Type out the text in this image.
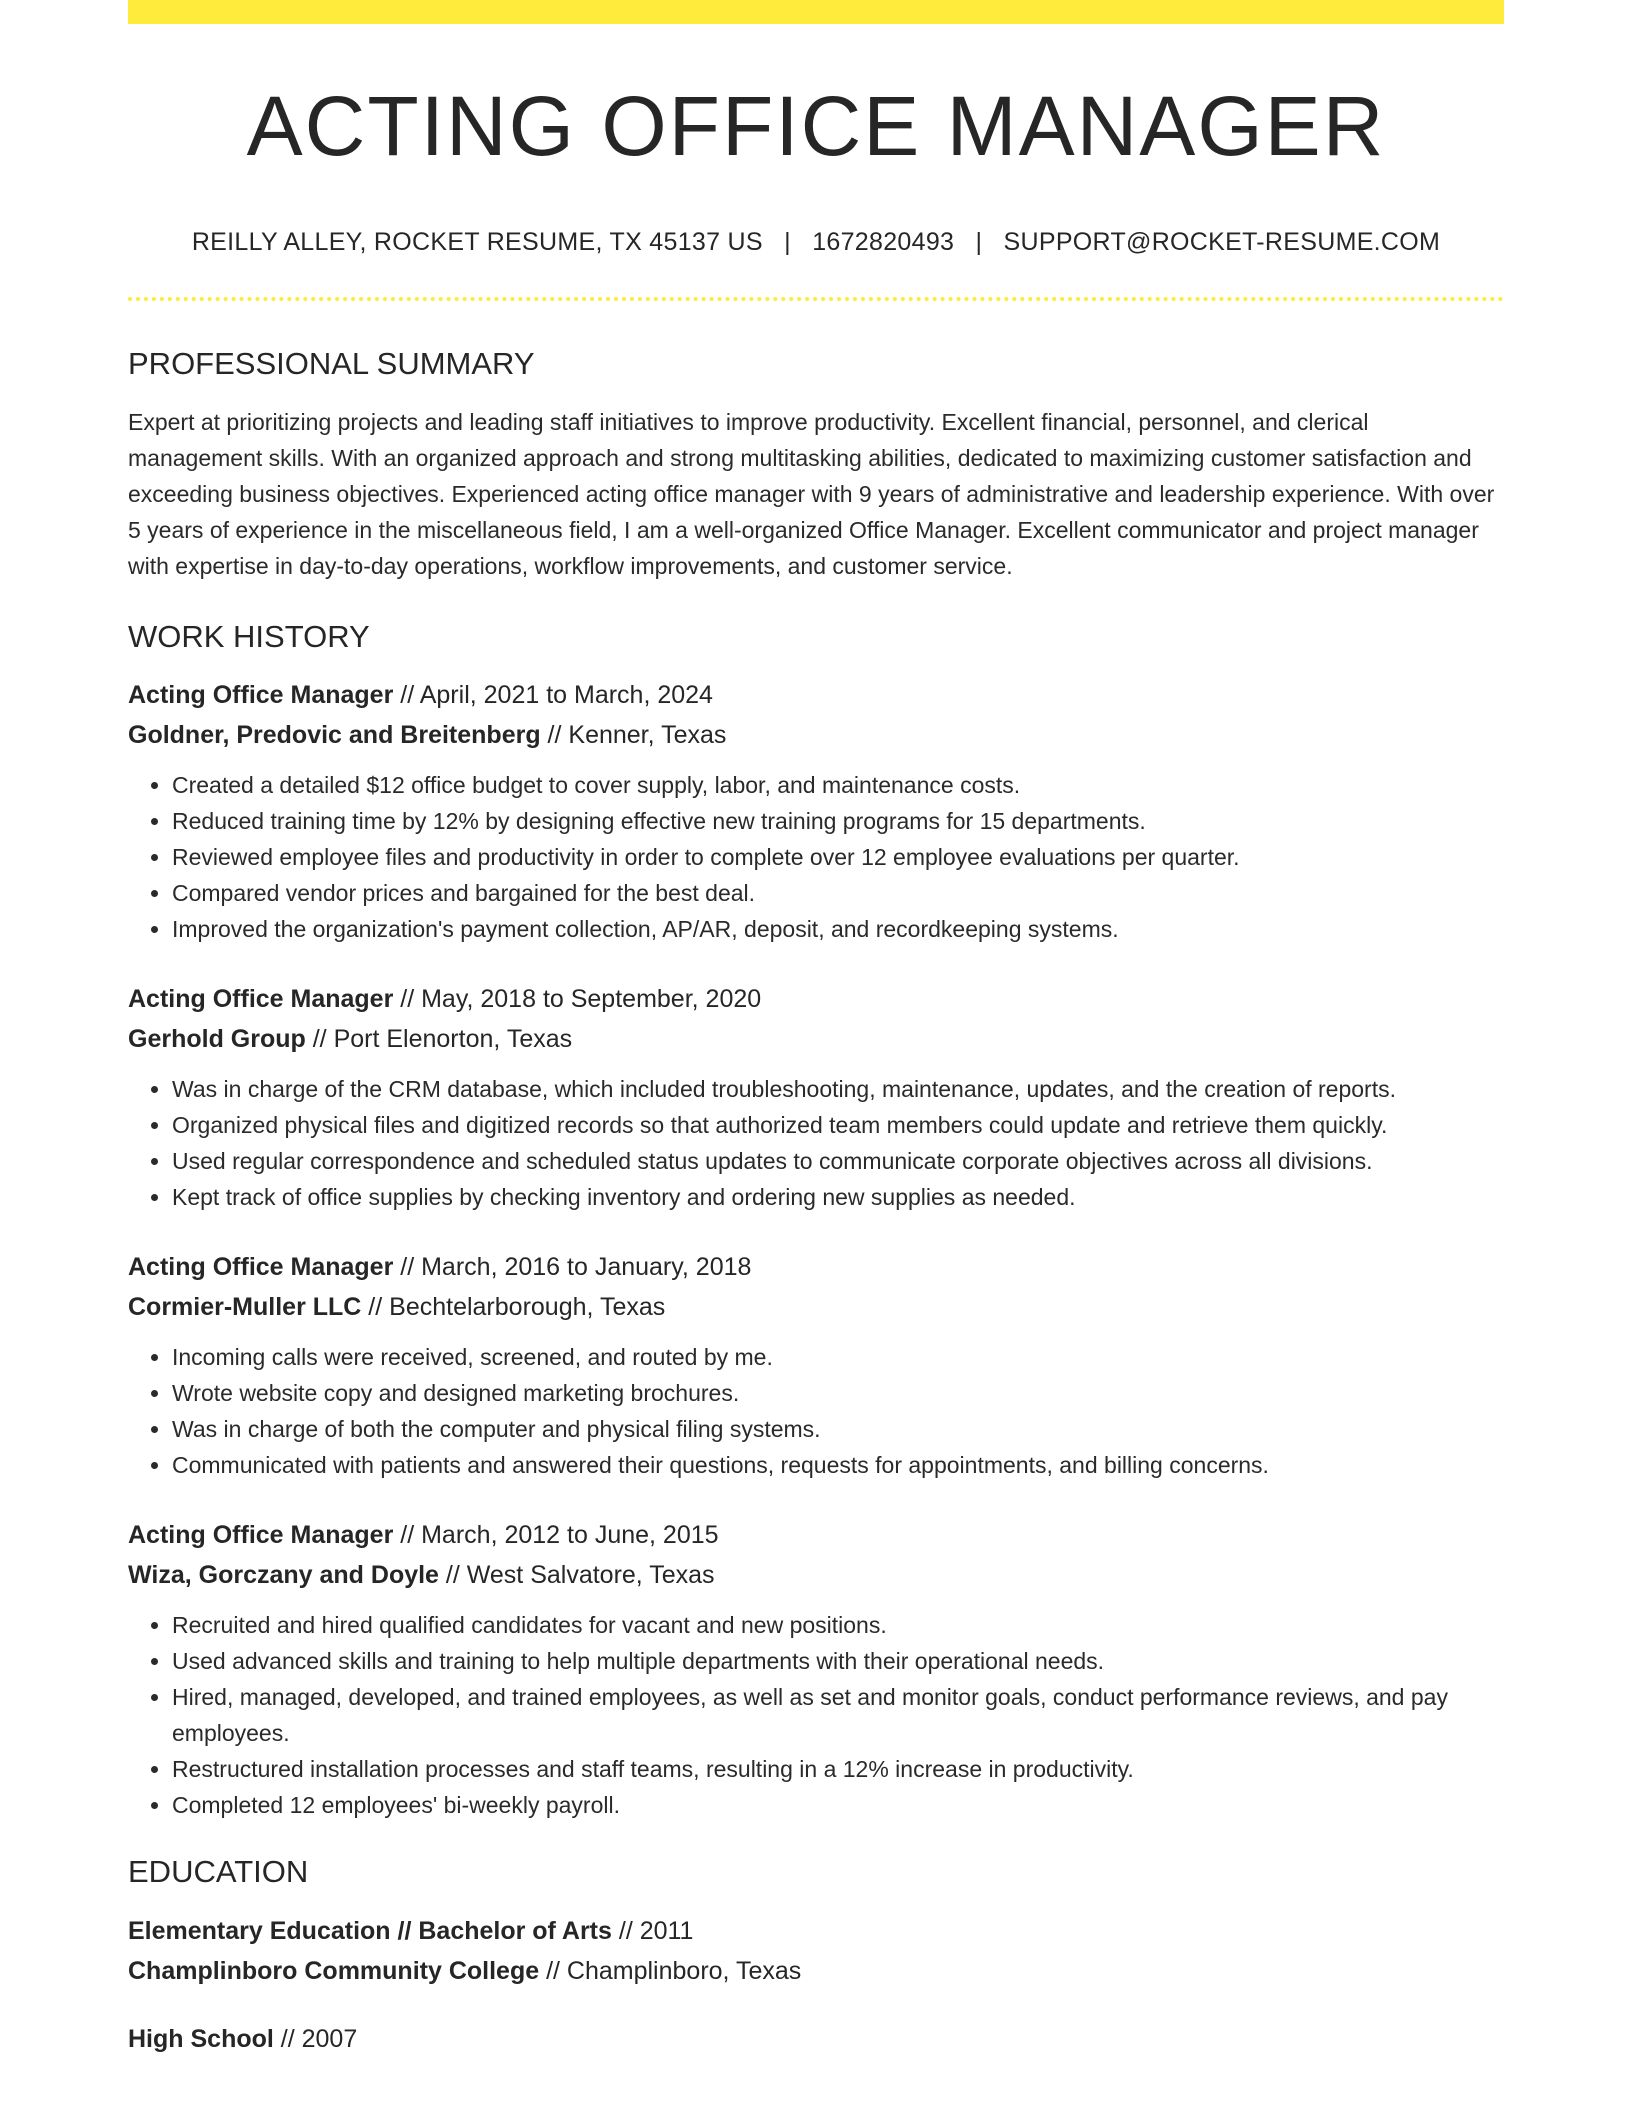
ACTING OFFICE MANAGER
REILLY ALLEY, ROCKET RESUME, TX 45137 US | 1672820493 | SUPPORT@ROCKET-RESUME.COM
PROFESSIONAL SUMMARY
Expert at prioritizing projects and leading staff initiatives to improve productivity. Excellent financial, personnel, and clerical management skills. With an organized approach and strong multitasking abilities, dedicated to maximizing customer satisfaction and exceeding business objectives. Experienced acting office manager with 9 years of administrative and leadership experience. With over 5 years of experience in the miscellaneous field, I am a well-organized Office Manager. Excellent communicator and project manager with expertise in day-to-day operations, workflow improvements, and customer service.
WORK HISTORY
Acting Office Manager // April, 2021 to March, 2024
Goldner, Predovic and Breitenberg // Kenner, Texas
• Created a detailed $12 office budget to cover supply, labor, and maintenance costs.
• Reduced training time by 12% by designing effective new training programs for 15 departments.
• Reviewed employee files and productivity in order to complete over 12 employee evaluations per quarter.
• Compared vendor prices and bargained for the best deal.
• Improved the organization's payment collection, AP/AR, deposit, and recordkeeping systems.
Acting Office Manager // May, 2018 to September, 2020
Gerhold Group // Port Elenorton, Texas
• Was in charge of the CRM database, which included troubleshooting, maintenance, updates, and the creation of reports.
• Organized physical files and digitized records so that authorized team members could update and retrieve them quickly.
• Used regular correspondence and scheduled status updates to communicate corporate objectives across all divisions.
• Kept track of office supplies by checking inventory and ordering new supplies as needed.
Acting Office Manager // March, 2016 to January, 2018
Cormier-Muller LLC // Bechtelarborough, Texas
• Incoming calls were received, screened, and routed by me.
• Wrote website copy and designed marketing brochures.
• Was in charge of both the computer and physical filing systems.
• Communicated with patients and answered their questions, requests for appointments, and billing concerns.
Acting Office Manager // March, 2012 to June, 2015
Wiza, Gorczany and Doyle // West Salvatore, Texas
• Recruited and hired qualified candidates for vacant and new positions.
• Used advanced skills and training to help multiple departments with their operational needs.
• Hired, managed, developed, and trained employees, as well as set and monitor goals, conduct performance reviews, and pay employees.
• Restructured installation processes and staff teams, resulting in a 12% increase in productivity.
• Completed 12 employees' bi-weekly payroll.
EDUCATION
Elementary Education // Bachelor of Arts // 2011
Champlinboro Community College // Champlinboro, Texas
High School // 2007
